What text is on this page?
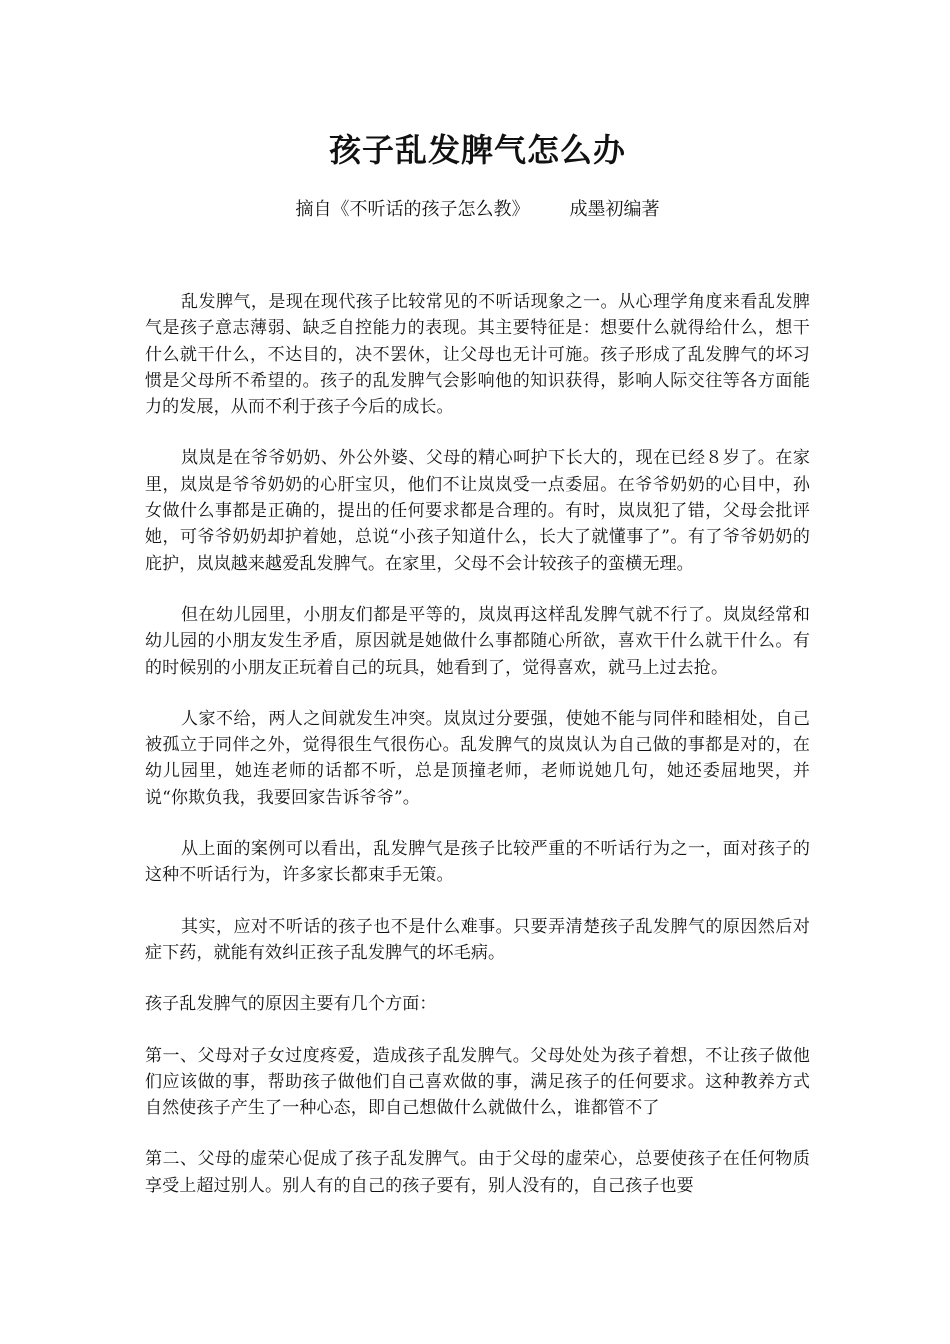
孩子乱发脾气怎么办

摘自《不听话的孩子怎么教》 成墨初编著

乱发脾气，是现在现代孩子比较常见的不听话现象之一。从心理学角度来看乱发脾气是孩子意志薄弱、缺乏自控能力的表现。其主要特征是：想要什么就得给什么，想干什么就干什么，不达目的，决不罢休，让父母也无计可施。孩子形成了乱发脾气的坏习惯是父母所不希望的。孩子的乱发脾气会影响他的知识获得，影响人际交往等各方面能力的发展，从而不利于孩子今后的成长。

岚岚是在爷爷奶奶、外公外婆、父母的精心呵护下长大的，现在已经８岁了。在家里，岚岚是爷爷奶奶的心肝宝贝，他们不让岚岚受一点委屈。在爷爷奶奶的心目中，孙女做什么事都是正确的，提出的任何要求都是合理的。有时，岚岚犯了错，父母会批评她，可爷爷奶奶却护着她，总说“小孩子知道什么，长大了就懂事了”。有了爷爷奶奶的庇护，岚岚越来越爱乱发脾气。在家里，父母不会计较孩子的蛮横无理。

但在幼儿园里，小朋友们都是平等的，岚岚再这样乱发脾气就不行了。岚岚经常和幼儿园的小朋友发生矛盾，原因就是她做什么事都随心所欲，喜欢干什么就干什么。有的时候别的小朋友正玩着自己的玩具，她看到了，觉得喜欢，就马上过去抢。

人家不给，两人之间就发生冲突。岚岚过分要强，使她不能与同伴和睦相处，自己被孤立于同伴之外，觉得很生气很伤心。乱发脾气的岚岚认为自己做的事都是对的，在幼儿园里，她连老师的话都不听，总是顶撞老师，老师说她几句，她还委屈地哭，并说“你欺负我，我要回家告诉爷爷”。

从上面的案例可以看出，乱发脾气是孩子比较严重的不听话行为之一，面对孩子的这种不听话行为，许多家长都束手无策。

其实，应对不听话的孩子也不是什么难事。只要弄清楚孩子乱发脾气的原因然后对症下药，就能有效纠正孩子乱发脾气的坏毛病。

孩子乱发脾气的原因主要有几个方面：

第一、父母对子女过度疼爱，造成孩子乱发脾气。父母处处为孩子着想，不让孩子做他们应该做的事，帮助孩子做他们自己喜欢做的事，满足孩子的任何要求。这种教养方式自然使孩子产生了一种心态，即自己想做什么就做什么，谁都管不了

第二、父母的虚荣心促成了孩子乱发脾气。由于父母的虚荣心，总要使孩子在任何物质享受上超过别人。别人有的自己的孩子要有，别人没有的，自己孩子也要
